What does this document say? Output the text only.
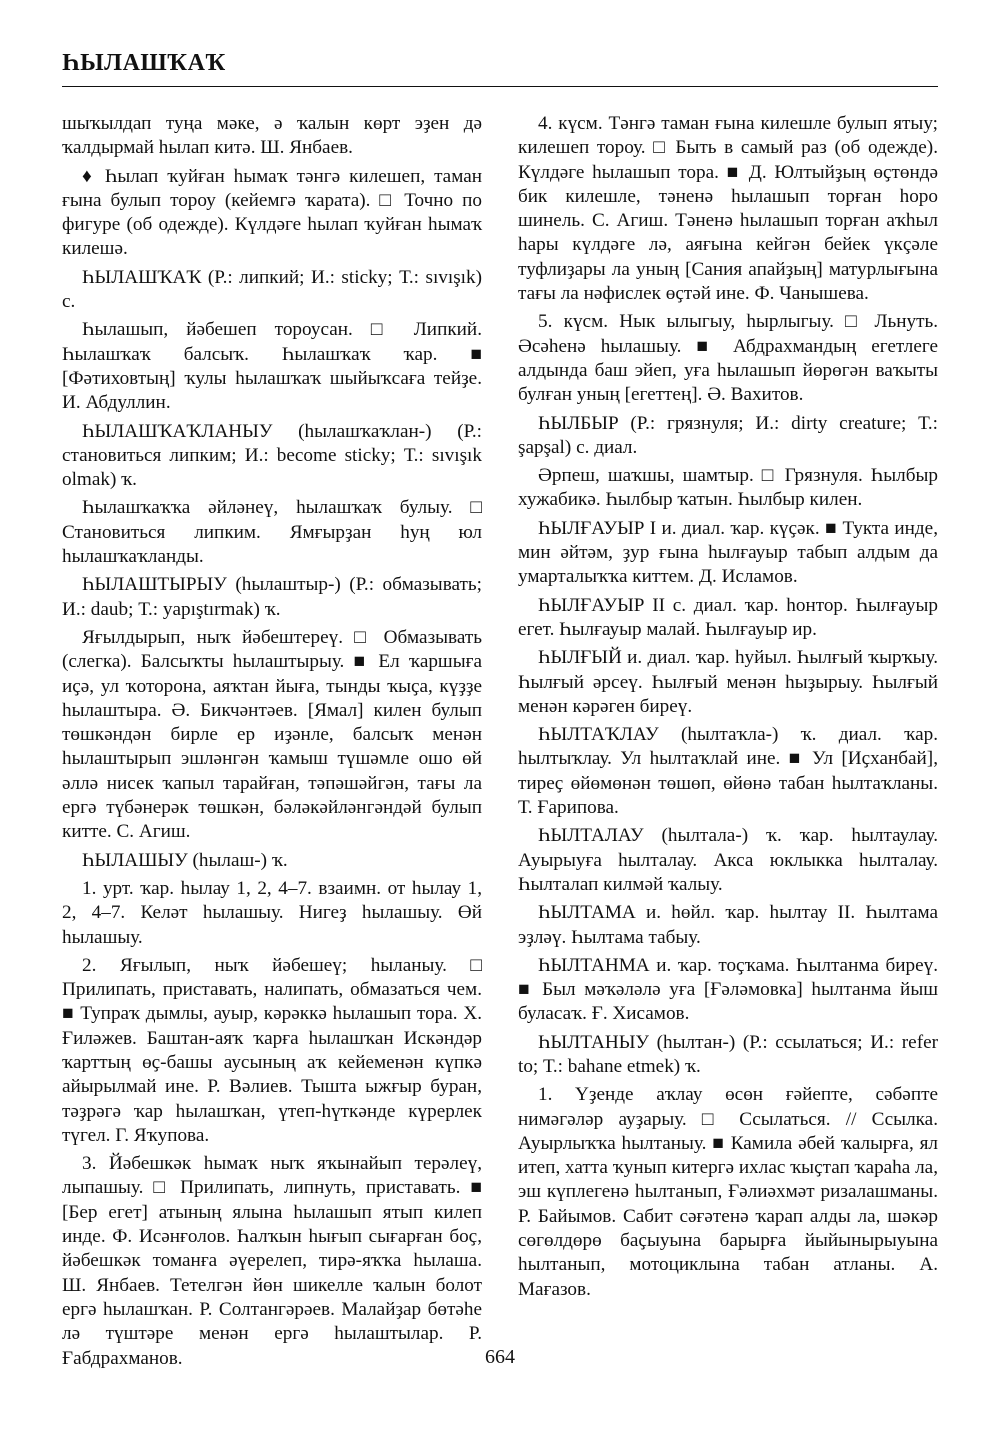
ҺЫЛАШҠАҠ

шыҡылдап туңа мәке, ә ҡалын көрт эҙен дә ҡалдырмай һылап китә. Ш. Янбаев.

♦ Һылап ҡуйған һымаҡ тәнгә килешеп, таман ғына булып тороу (кейемгә ҡарата). □ Точно по фигуре (об одежде). Күлдәге һылап ҡуйған һымаҡ килешә.

ҺЫЛАШҠАҠ (Р.: липкий; И.: sticky; Т.: sıvışık) с.

Һылашып, йәбешеп тороусан. □ Липкий. Һылашҡаҡ балсыҡ. Һылашҡаҡ ҡар. ■ [Фәтиховтың] ҡулы һылашҡаҡ шыйыҡсаға тейҙе. И. Абдуллин.

ҺЫЛАШҠАҠЛАНЫУ (һылашҡаҡлан-) (Р.: становиться липким; И.: become sticky; Т.: sıvışık olmak) ҡ.

Һылашҡаҡҡа әйләнеү, һылашҡаҡ булыу. □ Становиться липким. Ямғырҙан һуң юл һылашҡаҡланды.

ҺЫЛАШТЫРЫУ (һылаштыр-) (Р.: обмазывать; И.: daub; Т.: yapıştırmak) ҡ.

Яғылдырып, ныҡ йәбештереү. □ Обмазывать (слегка). Балсыҡты һылаштырыу. ■ Ел ҡаршығa иҫә, ул ҡоторона, аяҡтан йыға, тынды ҡыҫа, күҙҙе һылаштыра. Ә. Бикчәнтәев. [Ямал] килен булып төшкәндән бирле ер иҙәнле, балсыҡ менән һылаштырып эшләнгән ҡамыш түшәмле ошо өй әллә нисек ҡапыл тарайған, тәпәшәйгән, тағы ла ергә түбәнерәк төшкән, бәләкәйләнгәндәй булып китте. С. Агиш.

ҺЫЛАШЫУ (һылаш-) ҡ.

1. урт. ҡар. һылау 1, 2, 4–7. взаимн. от һылау 1, 2, 4–7. Келәт һылашыу. Нигеҙ һылашыу. Өй һылашыу.

2. Яғылып, ныҡ йәбешеү; һыланыу. □ Прилипать, приставать, налипать, обмазаться чем. ■ Тупраҡ дымлы, ауыр, кәрәккә һылашып тора. Х. Ғиләжев. Баштан-аяҡ ҡарға һылашҡан Искәндәр ҡарттың өҫ-башы аусының аҡ кейеменән күпкә айырылмай ине. Р. Вәлиев. Тышта ыжғыр буран, тәҙрәгә ҡар һылашҡан, үтеп-һүткәнде күрерлек түгел. Г. Яҡупова.

3. Йәбешкәк һымаҡ ныҡ яҡынайып терәлеү, лыпашыу. □ Прилипать, липнуть, приставать. ■ [Бер егет] атының ялына һылашып ятып килеп инде. Ф. Исәнғолов. Һалҡын һығып сығарған боҫ, йәбешкәк томанға әүерелеп, тирә-яҡҡа һылаша. Ш. Янбаев. Тетелгән йөн шикелле ҡалын болот ергә һылашҡан. Р. Солтангәрәев. Малайҙар бөтәһе лә түштәре менән ергә һылаштылар. Р. Ғабдрахманов.

4. күсм. Тәнгә таман ғына килешле булып ятыу; килешеп тороу. □ Быть в самый раз (об одежде). Күлдәге һылашып тора. ■ Д. Юлтыйҙың өҫтөндә бик килешле, тәненә һылашып торған һоро шинель. С. Агиш. Тәненә һылашып торған аҡһыл һары күлдәге лә, аяғына кейгән бейек үкçәле туфлиҙары ла уның [Сания апайҙың] матурлығына тағы ла нәфислек өҫтәй ине. Ф. Чанышева.

5. күсм. Нык ылыгыу, һырлыгыу. □ Льнуть. Әсәһенә һылашыу. ■ Абдрахмандың егетлеге алдында баш эйеп, уға һылашып йөрөгән ваҡыты булған уның [егеттең]. Ә. Вахитов.

ҺЫЛБЫР (Р.: грязнуля; И.: dirty creature; Т.: şapşal) с. диал.

Әрпеш, шаҡшы, шамтыр. □ Грязнуля. Һылбыр хужабикә. Һылбыр ҡатын. Һылбыр килен.

ҺЫЛҒАУЫР I и. диал. ҡар. күҫәк. ■ Тукта инде, мин әйтәм, ҙур ғына һылғауыр табып алдым да умарталыҡҡа киттем. Д. Исламов.

ҺЫЛҒАУЫР II с. диал. ҡар. һонтор. Һылғауыр егет. Һылғауыр малай. Һылғауыр ир.

ҺЫЛҒЫЙ и. диал. ҡар. һуйыл. Һылғый ҡырҡыу. Һылғый әрсеү. Һылғый менән һыҙырыу. Һылғый менән кәрәген биреү.

ҺЫЛТАҠЛАУ (һылтаҡла-) ҡ. диал. ҡар. һылтыҡлау. Ул һылтаҡлай ине. ■ Ул [Иҫханбай], тиреҫ өйөмөнән төшөп, өйөнә табан һылтаҡланы. Т. Ғарипова.

ҺЫЛТАЛАУ (һылтала-) ҡ. ҡар. һылтаулау. Ауырыуға һылталау. Акса юклыкка һылталау. Һылталап килмәй ҡалыу.

ҺЫЛТАМА и. һөйл. ҡар. һылтау II. Һылтама эҙләү. Һылтама табыу.

ҺЫЛТАНМА и. ҡар. тоҫҡама. Һылтанма биреү. ■ Был мәҡәләлә уға [Ғәләмовка] һылтанма йыш буласаҡ. Ғ. Хисамов.

ҺЫЛТАНЫУ (һылтан-) (Р.: ссылаться; И.: refer to; Т.: bahane etmek) ҡ.

1. Үҙенде аҡлау өсөн ғәйепте, сәбәпте нимәгәләр ауҙарыу. □ Ссылаться. // Ссылка. Ауырлыҡҡа һылтаныу. ■ Камила әбей ҡалырға, ял итеп, хатта ҡунып китергә ихлас ҡыҫтап ҡараһа ла, эш күплегенә һылтанып, Ғәлиәхмәт ризалашманы. Р. Байымов. Сабит сәғәтенә ҡарап алды ла, шәкәр сөгөлдөрө баҫыуына барырға йыйынырыуына һылтанып, мотоциклына табан атланы. А. Мағазов.

664
